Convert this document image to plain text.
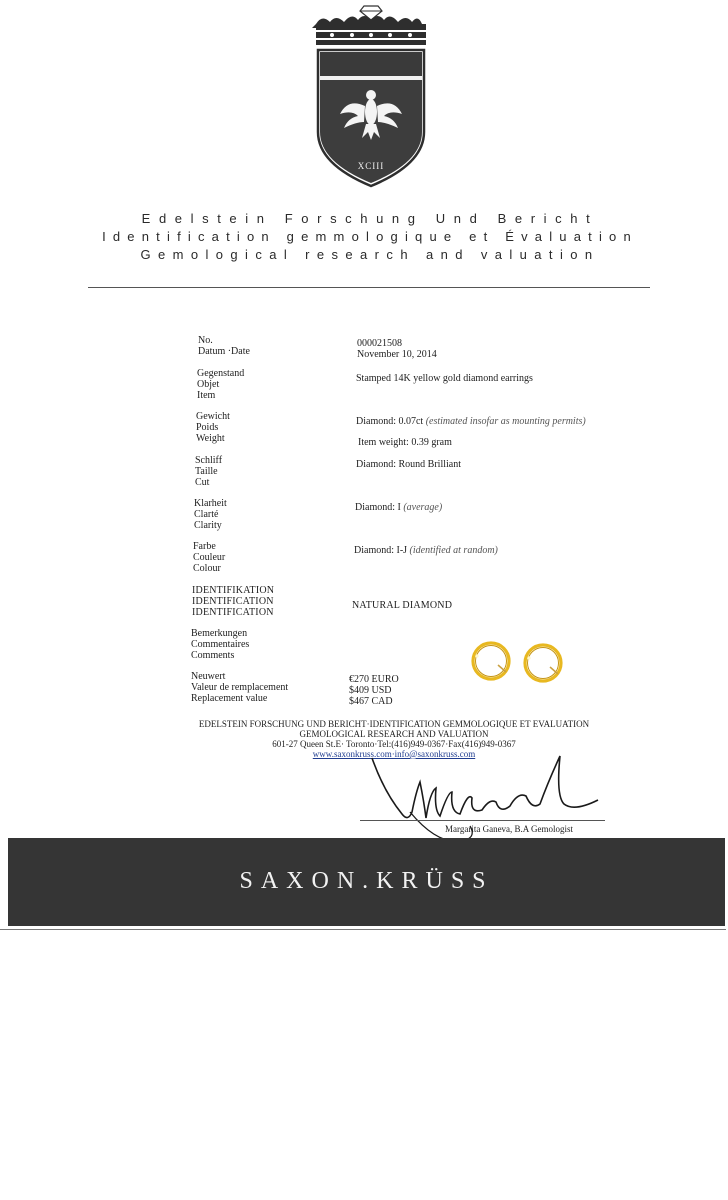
XCIII
Edelstein Forschung Und Bericht
Identification gemmologique et Évaluation
Gemological research and valuation
No.
Datum ·Date
000021508
November 10, 2014
Gegenstand
Objet
Item
Stamped 14K yellow gold diamond earrings
Gewicht
Poids
Weight
Diamond: 0.07ct (estimated insofar as mounting permits)
Item weight: 0.39 gram
Schliff
Taille
Cut
Diamond: Round Brilliant
Klarheit
Clarté
Clarity
Diamond: I (average)
Farbe
Couleur
Colour
Diamond: I-J (identified at random)
IDENTIFIKATION
IDENTIFICATION
IDENTIFICATION
NATURAL DIAMOND
Bemerkungen
Commentaires
Comments
Neuwert
Valeur de remplacement
Replacement value
€270 EURO
$409 USD
$467 CAD
EDELSTEIN FORSCHUNG UND BERICHT·IDENTIFICATION GEMMOLOGIQUE ET EVALUATION
GEMOLOGICAL RESEARCH AND VALUATION
601-27 Queen St.E· Toronto·Tel:(416)949-0367·Fax(416)949-0367
www.saxonkruss.com·info@saxonkruss.com
Margarita Ganeva, B.A Gemologist
SAXON.KRÜSS
